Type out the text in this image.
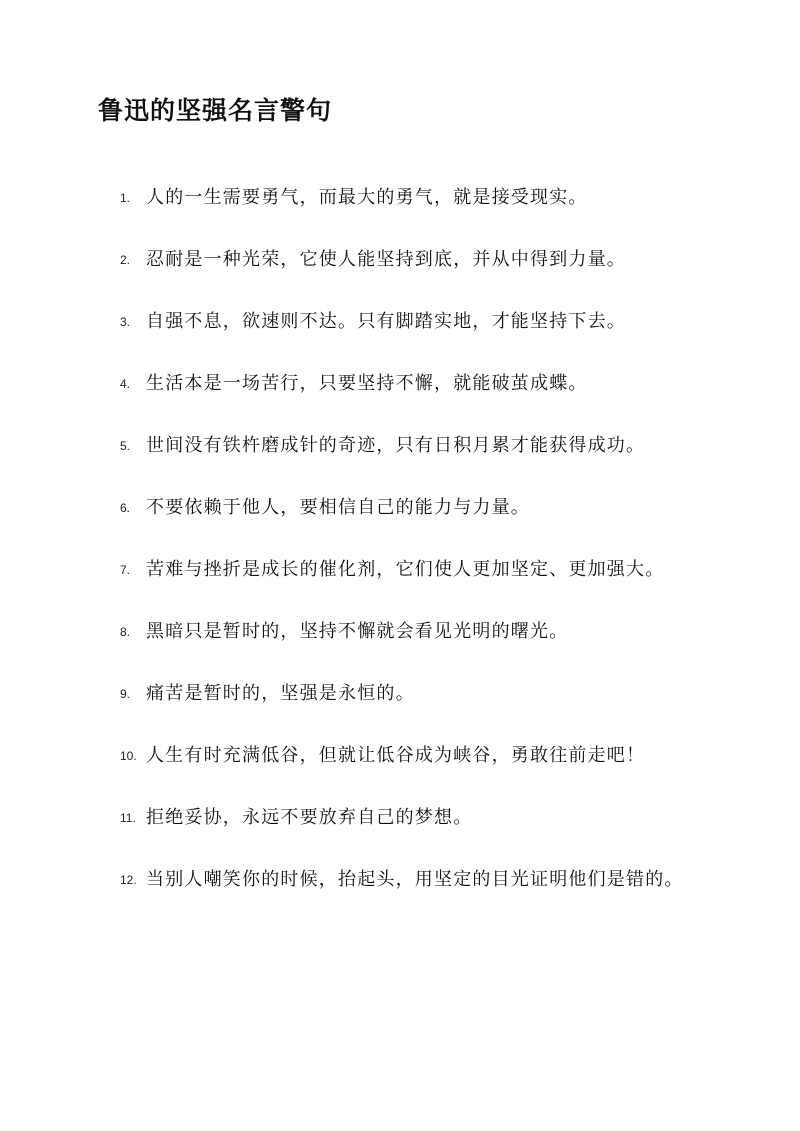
鲁迅的坚强名言警句
1. 人的一生需要勇气，而最大的勇气，就是接受现实。
2. 忍耐是一种光荣，它使人能坚持到底，并从中得到力量。
3. 自强不息，欲速则不达。只有脚踏实地，才能坚持下去。
4. 生活本是一场苦行，只要坚持不懈，就能破茧成蝶。
5. 世间没有铁杵磨成针的奇迹，只有日积月累才能获得成功。
6. 不要依赖于他人，要相信自己的能力与力量。
7. 苦难与挫折是成长的催化剂，它们使人更加坚定、更加强大。
8. 黑暗只是暂时的，坚持不懈就会看见光明的曙光。
9. 痛苦是暂时的，坚强是永恒的。
10. 人生有时充满低谷，但就让低谷成为峡谷，勇敢往前走吧！
11. 拒绝妥协，永远不要放弃自己的梦想。
12. 当别人嘲笑你的时候，抬起头，用坚定的目光证明他们是错的。
